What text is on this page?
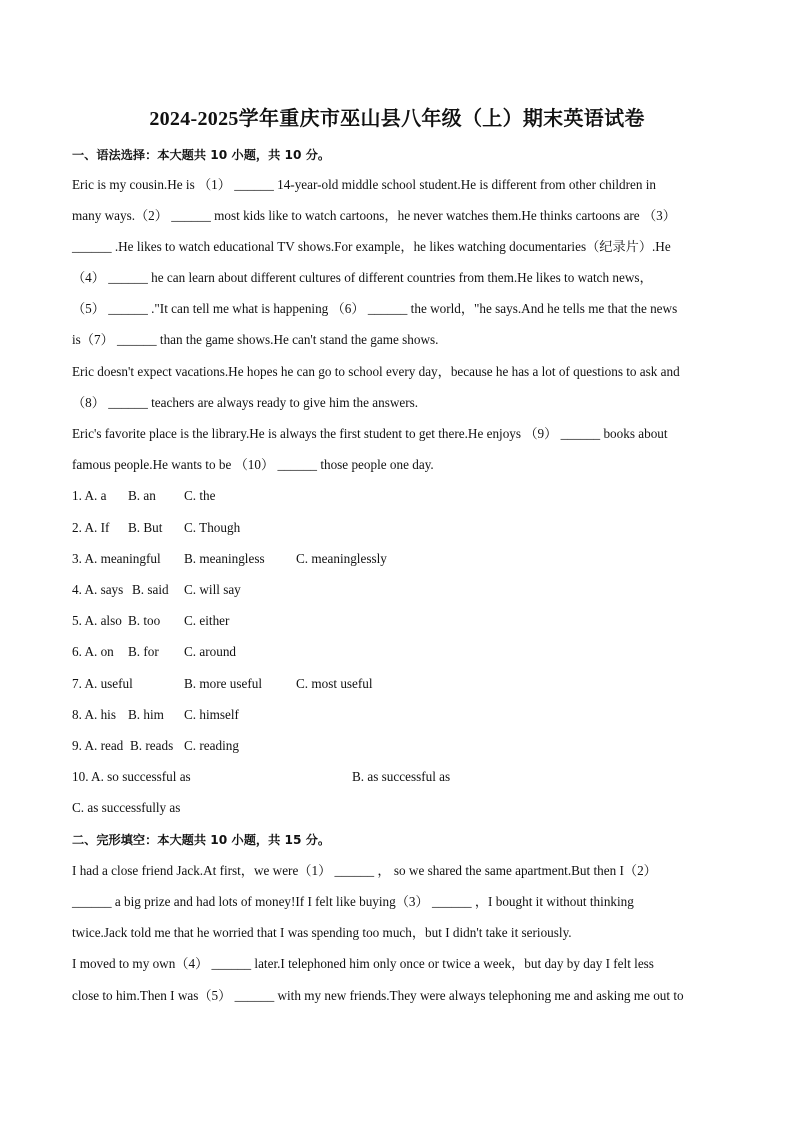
2024-2025学年重庆市巫山县八年级（上）期末英语试卷
一、语法选择：本大题共 10 小题，共 10 分。
Eric is my cousin.He is （1） ______ 14-year-old middle school student.He is different from other children in
many ways.（2） ______ most kids like to watch cartoons，he never watches them.He thinks cartoons are （3）
______ .He likes to watch educational TV shows.For example，he likes watching documentaries（纪录片）.He
（4） ______ he can learn about different cultures of different countries from them.He likes to watch news，
（5） ______ ."It can tell me what is happening （6） ______ the world，"he says.And he tells me that the news
is（7） ______ than the game shows.He can't stand the game shows.
Eric doesn't expect vacations.He hopes he can go to school every day，because he has a lot of questions to ask and
（8） ______ teachers are always ready to give him the answers.
Eric's favorite place is the library.He is always the first student to get there.He enjoys （9） ______ books about
famous people.He wants to be （10） ______ those people one day.
1. A. a B. an C. the
2. A. If B. But C. Though
3. A. meaningful B. meaningless C. meaninglessly
4. A. says B. said C. will say
5. A. also B. too C. either
6. A. on B. for C. around
7. A. useful	B. more useful	C. most useful
8. A. his B. him C. himself
9. A. read B. reads C. reading
10. A. so successful as	B. as successful as
C. as successfully as
二、完形填空：本大题共 10 小题，共 15 分。
I had a close friend Jack.At first，we were（1） ______ ， so we shared the same apartment.But then I（2）
______ a big prize and had lots of money!If I felt like buying（3） ______ ，I bought it without thinking
twice.Jack told me that he worried that I was spending too much，but I didn't take it seriously.
I moved to my own（4） ______ later.I telephoned him only once or twice a week，but day by day I felt less
close to him.Then I was（5） ______ with my new friends.They were always telephoning me and asking me out to
